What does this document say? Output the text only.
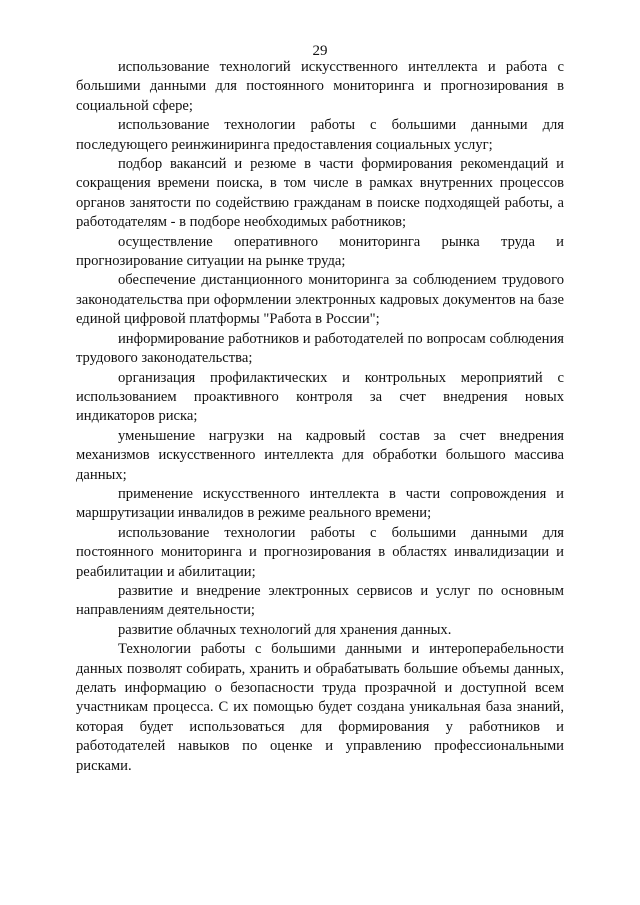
29

использование технологий искусственного интеллекта и работа с большими данными для постоянного мониторинга и прогнозирования в социальной сфере;

использование технологии работы с большими данными для последующего реинжиниринга предоставления социальных услуг;

подбор вакансий и резюме в части формирования рекомендаций и сокращения времени поиска, в том числе в рамках внутренних процессов органов занятости по содействию гражданам в поиске подходящей работы, а работодателям - в подборе необходимых работников;

осуществление оперативного мониторинга рынка труда и прогнозирование ситуации на рынке труда;

обеспечение дистанционного мониторинга за соблюдением трудового законодательства при оформлении электронных кадровых документов на базе единой цифровой платформы "Работа в России";

информирование работников и работодателей по вопросам соблюдения трудового законодательства;

организация профилактических и контрольных мероприятий с использованием проактивного контроля за счет внедрения новых индикаторов риска;

уменьшение нагрузки на кадровый состав за счет внедрения механизмов искусственного интеллекта для обработки большого массива данных;

применение искусственного интеллекта в части сопровождения и маршрутизации инвалидов в режиме реального времени;

использование технологии работы с большими данными для постоянного мониторинга и прогнозирования в областях инвалидизации и реабилитации и абилитации;

развитие и внедрение электронных сервисов и услуг по основным направлениям деятельности;

развитие облачных технологий для хранения данных.

Технологии работы с большими данными и интероперабельности данных позволят собирать, хранить и обрабатывать большие объемы данных, делать информацию о безопасности труда прозрачной и доступной всем участникам процесса. С их помощью будет создана уникальная база знаний, которая будет использоваться для формирования у работников и работодателей навыков по оценке и управлению профессиональными рисками.
